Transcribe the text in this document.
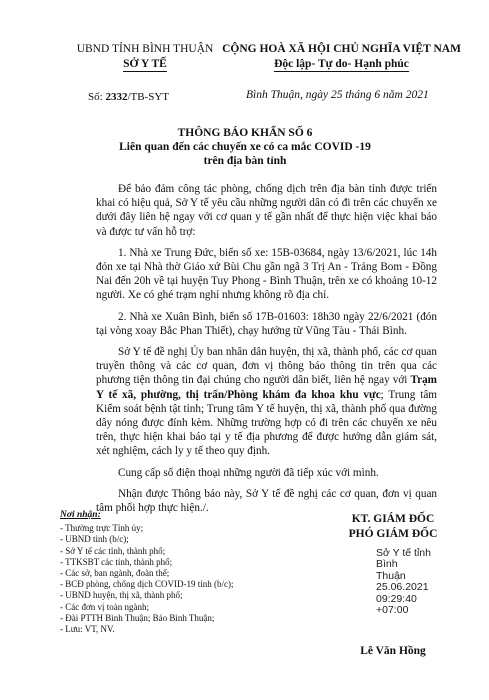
UBND TỈNH BÌNH THUẬN
SỞ Y TẾ
CỘNG HOÀ XÃ HỘI CHỦ NGHĨA VIỆT NAM
Độc lập- Tự do- Hạnh phúc
Số: 2332/TB-SYT	Bình Thuận, ngày 25 tháng 6 năm 2021
THÔNG BÁO KHẨN SỐ 6
Liên quan đến các chuyến xe có ca mắc COVID -19
trên địa bàn tỉnh

Để bảo đảm công tác phòng, chống dịch trên địa bàn tỉnh được triển khai có hiệu quả, Sở Y tế yêu cầu những người dân có đi trên các chuyến xe dưới đây liên hệ ngay với cơ quan y tế gần nhất để thực hiện việc khai báo và được tư vấn hỗ trợ:

1. Nhà xe Trung Đức, biển số xe: 15B-03684, ngày 13/6/2021, lúc 14h đón xe tại Nhà thờ Giáo xứ Bùi Chu gần ngã 3 Trị An - Trảng Bom - Đồng Nai đến 20h về tại huyện Tuy Phong - Bình Thuận, trên xe có khoảng 10-12 người. Xe có ghé trạm nghỉ nhưng không rõ địa chỉ.

2. Nhà xe Xuân Bình, biển số 17B-01603: 18h30 ngày 22/6/2021 (đón tại vòng xoay Bắc Phan Thiết), chạy hướng từ Vũng Tàu - Thái Bình.

Sở Y tế đề nghị Ủy ban nhân dân huyện, thị xã, thành phố, các cơ quan truyền thông và các cơ quan, đơn vị thông báo thông tin trên qua các phương tiện thông tin đại chúng cho người dân biết, liên hệ ngay với Trạm Y tế xã, phường, thị trấn/Phòng khám đa khoa khu vực; Trung tâm Kiểm soát bệnh tật tỉnh; Trung tâm Y tế huyện, thị xã, thành phố qua đường dây nóng được đính kèm. Những trường hợp có đi trên các chuyến xe nêu trên, thực hiện khai báo tại y tế địa phương để được hướng dẫn giám sát, xét nghiệm, cách ly y tế theo quy định.

Cung cấp số điện thoại những người đã tiếp xúc với mình.

Nhận được Thông báo này, Sở Y tế đề nghị các cơ quan, đơn vị quan tâm phối hợp thực hiện./.

Nơi nhận:
- Thường trực Tỉnh ủy;
- UBND tỉnh (b/c);
- Sở Y tế các tỉnh, thành phố;
- TTKSBT các tỉnh, thành phố;
- Các sở, ban ngành, đoàn thể;
- BCĐ phòng, chống dịch COVID-19 tỉnh (b/c);
- UBND huyện, thị xã, thành phố;
- Các đơn vị toàn ngành;
- Đài PTTH Bình Thuận; Báo Bình Thuận;
- Lưu: VT, NV.
KT. GIÁM ĐỐC
PHÓ GIÁM ĐỐC
Sở Y tế tỉnh
Bình
Thuận
25.06.2021
09:29:40
+07:00
Lê Văn Hồng
